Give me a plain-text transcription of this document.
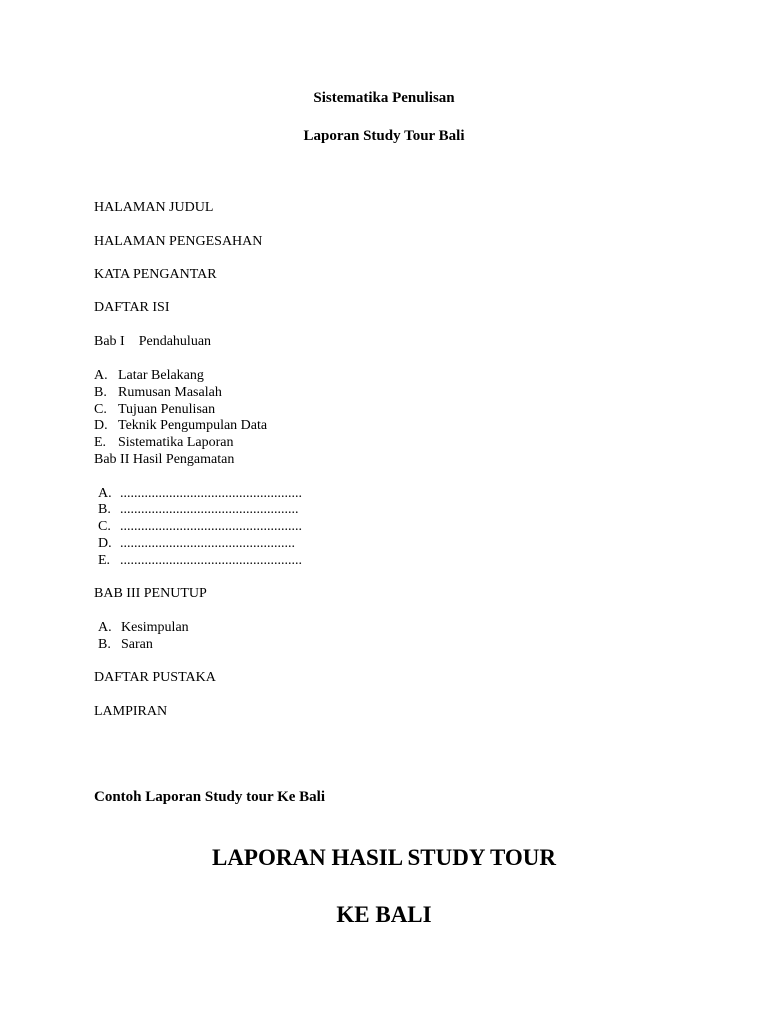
Sistematika Penulisan
Laporan Study Tour Bali
HALAMAN JUDUL
HALAMAN PENGESAHAN
KATA PENGANTAR
DAFTAR ISI
Bab I    Pendahuluan
A. Latar Belakang
B. Rumusan Masalah
C. Tujuan Penulisan
D. Teknik Pengumpulan Data
E. Sistematika Laporan
Bab II Hasil Pengamatan
A. ....................................................
B. ...................................................
C. ....................................................
D. ..................................................
E. ....................................................
BAB III PENUTUP
A. Kesimpulan
B. Saran
DAFTAR PUSTAKA
LAMPIRAN
Contoh Laporan Study tour Ke Bali
LAPORAN HASIL STUDY TOUR
KE BALI
